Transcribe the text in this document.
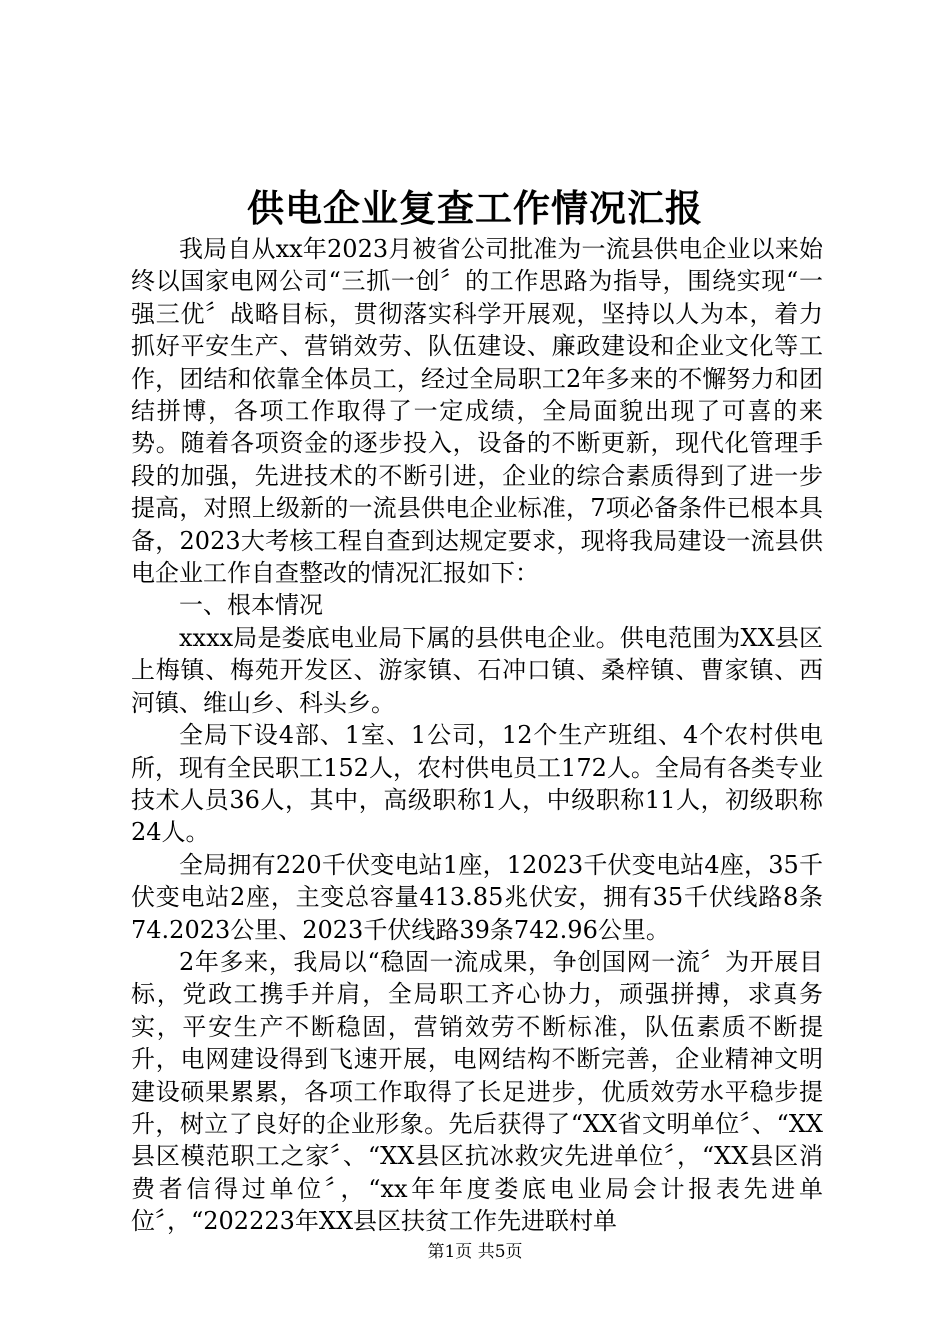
供电企业复查工作情况汇报

我局自从xx年2023月被省公司批准为一流县供电企业以来始终以国家电网公司“三抓一创〞的工作思路为指导，围绕实现“一强三优〞战略目标，贯彻落实科学开展观，坚持以人为本，着力抓好平安生产、营销效劳、队伍建设、廉政建设和企业文化等工作，团结和依靠全体员工，经过全局职工2年多来的不懈努力和团结拼博，各项工作取得了一定成绩，全局面貌出现了可喜的来势。随着各项资金的逐步投入，设备的不断更新，现代化管理手段的加强，先进技术的不断引进，企业的综合素质得到了进一步提高，对照上级新的一流县供电企业标准，7项必备条件已根本具备，2023大考核工程自查到达规定要求，现将我局建设一流县供电企业工作自查整改的情况汇报如下：

一、根本情况

xxxx局是娄底电业局下属的县供电企业。供电范围为XX县区上梅镇、梅苑开发区、游家镇、石冲口镇、桑梓镇、曹家镇、西河镇、维山乡、科头乡。

全局下设4部、1室、1公司，12个生产班组、4个农村供电所，现有全民职工152人，农村供电员工172人。全局有各类专业技术人员36人，其中，高级职称1人，中级职称11人，初级职称24人。

全局拥有220千伏变电站1座，12023千伏变电站4座，35千伏变电站2座，主变总容量413.85兆伏安，拥有35千伏线路8条74.2023公里、2023千伏线路39条742.96公里。

2年多来，我局以“稳固一流成果，争创国网一流〞为开展目标，党政工携手并肩，全局职工齐心协力，顽强拼搏，求真务实，平安生产不断稳固，营销效劳不断标准，队伍素质不断提升，电网建设得到飞速开展，电网结构不断完善，企业精神文明建设硕果累累，各项工作取得了长足进步，优质效劳水平稳步提升，树立了良好的企业形象。先后获得了“XX省文明单位〞、“XX县区模范职工之家〞、“XX县区抗冰救灾先进单位〞，“XX县区消费者信得过单位〞，“xx年年度娄底电业局会计报表先进单位〞，“202223年XX县区扶贫工作先进联村单

第1页 共5页
